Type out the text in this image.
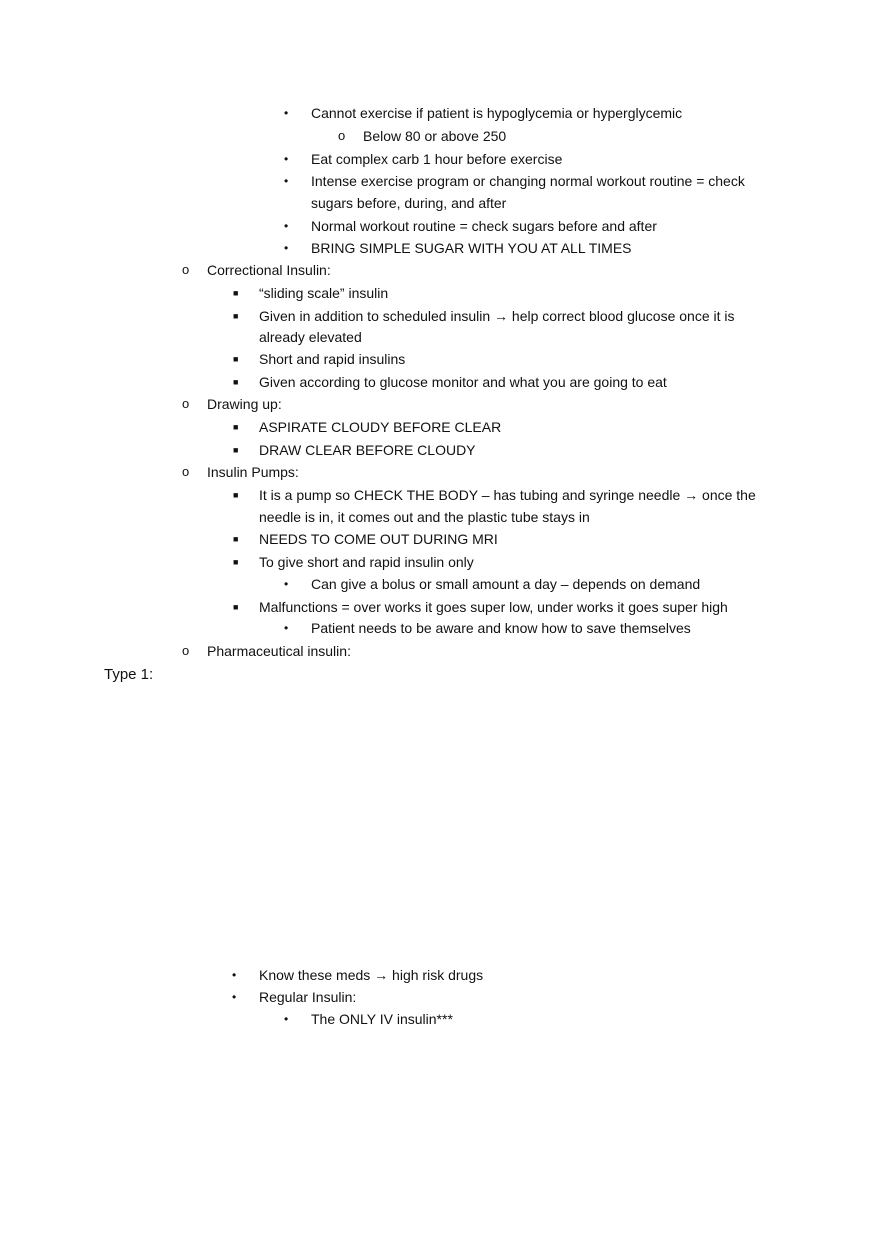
• Cannot exercise if patient is hypoglycemia or hyperglycemic
o Below 80 or above 250
• Eat complex carb 1 hour before exercise
• Intense exercise program or changing normal workout routine = check
sugars before, during, and after
• Normal workout routine = check sugars before and after
• BRING SIMPLE SUGAR WITH YOU AT ALL TIMES
o Correctional Insulin:
■ “sliding scale” insulin
■ Given in addition to scheduled insulin → help correct blood glucose once it is
already elevated
■ Short and rapid insulins
■ Given according to glucose monitor and what you are going to eat
o Drawing up:
■ ASPIRATE CLOUDY BEFORE CLEAR
■ DRAW CLEAR BEFORE CLOUDY
o Insulin Pumps:
■ It is a pump so CHECK THE BODY – has tubing and syringe needle → once the
needle is in, it comes out and the plastic tube stays in
■ NEEDS TO COME OUT DURING MRI
■ To give short and rapid insulin only
• Can give a bolus or small amount a day – depends on demand
■ Malfunctions = over works it goes super low, under works it goes super high
• Patient needs to be aware and know how to save themselves
o Pharmaceutical insulin:
Type 1:
• Know these meds → high risk drugs
• Regular Insulin:
• The ONLY IV insulin***
